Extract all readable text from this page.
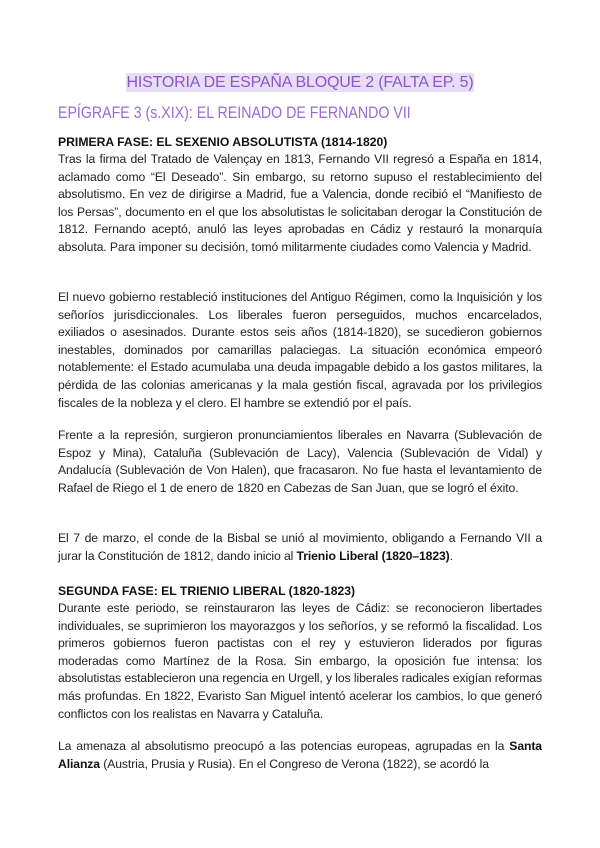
HISTORIA DE ESPAÑA BLOQUE 2 (FALTA EP. 5)
EPÍGRAFE 3 (s.XIX): EL REINADO DE FERNANDO VII
PRIMERA FASE: EL SEXENIO ABSOLUTISTA (1814-1820)
Tras la firma del Tratado de Valençay en 1813, Fernando VII regresó a España en 1814, aclamado como “El Deseado”. Sin embargo, su retorno supuso el restablecimiento del absolutismo. En vez de dirigirse a Madrid, fue a Valencia, donde recibió el “Manifiesto de los Persas”, documento en el que los absolutistas le solicitaban derogar la Constitución de 1812. Fernando aceptó, anuló las leyes aprobadas en Cádiz y restauró la monarquía absoluta. Para imponer su decisión, tomó militarmente ciudades como Valencia y Madrid.
El nuevo gobierno restableció instituciones del Antiguo Régimen, como la Inquisición y los señoríos jurisdiccionales. Los liberales fueron perseguidos, muchos encarcelados, exiliados o asesinados. Durante estos seis años (1814-1820), se sucedieron gobiernos inestables, dominados por camarillas palaciegas. La situación económica empeoró notablemente: el Estado acumulaba una deuda impagable debido a los gastos militares, la pérdida de las colonias americanas y la mala gestión fiscal, agravada por los privilegios fiscales de la nobleza y el clero. El hambre se extendió por el país.
Frente a la represión, surgieron pronunciamientos liberales en Navarra (Sublevación de Espoz y Mina), Cataluña (Sublevación de Lacy), Valencia (Sublevación de Vidal) y Andalucía (Sublevación de Von Halen), que fracasaron. No fue hasta el levantamiento de Rafael de Riego el 1 de enero de 1820 en Cabezas de San Juan, que se logró el éxito.
El 7 de marzo, el conde de la Bisbal se unió al movimiento, obligando a Fernando VII a jurar la Constitución de 1812, dando inicio al Trienio Liberal (1820–1823).
SEGUNDA FASE: EL TRIENIO LIBERAL (1820-1823)
Durante este periodo, se reinstauraron las leyes de Cádiz: se reconocieron libertades individuales, se suprimieron los mayorazgos y los señoríos, y se reformó la fiscalidad. Los primeros gobiernos fueron pactistas con el rey y estuvieron liderados por figuras moderadas como Martínez de la Rosa. Sin embargo, la oposición fue intensa: los absolutistas establecieron una regencia en Urgell, y los liberales radicales exigían reformas más profundas. En 1822, Evaristo San Miguel intentó acelerar los cambios, lo que generó conflictos con los realistas en Navarra y Cataluña.
La amenaza al absolutismo preocupó a las potencias europeas, agrupadas en la Santa Alianza (Austria, Prusia y Rusia). En el Congreso de Verona (1822), se acordó la
